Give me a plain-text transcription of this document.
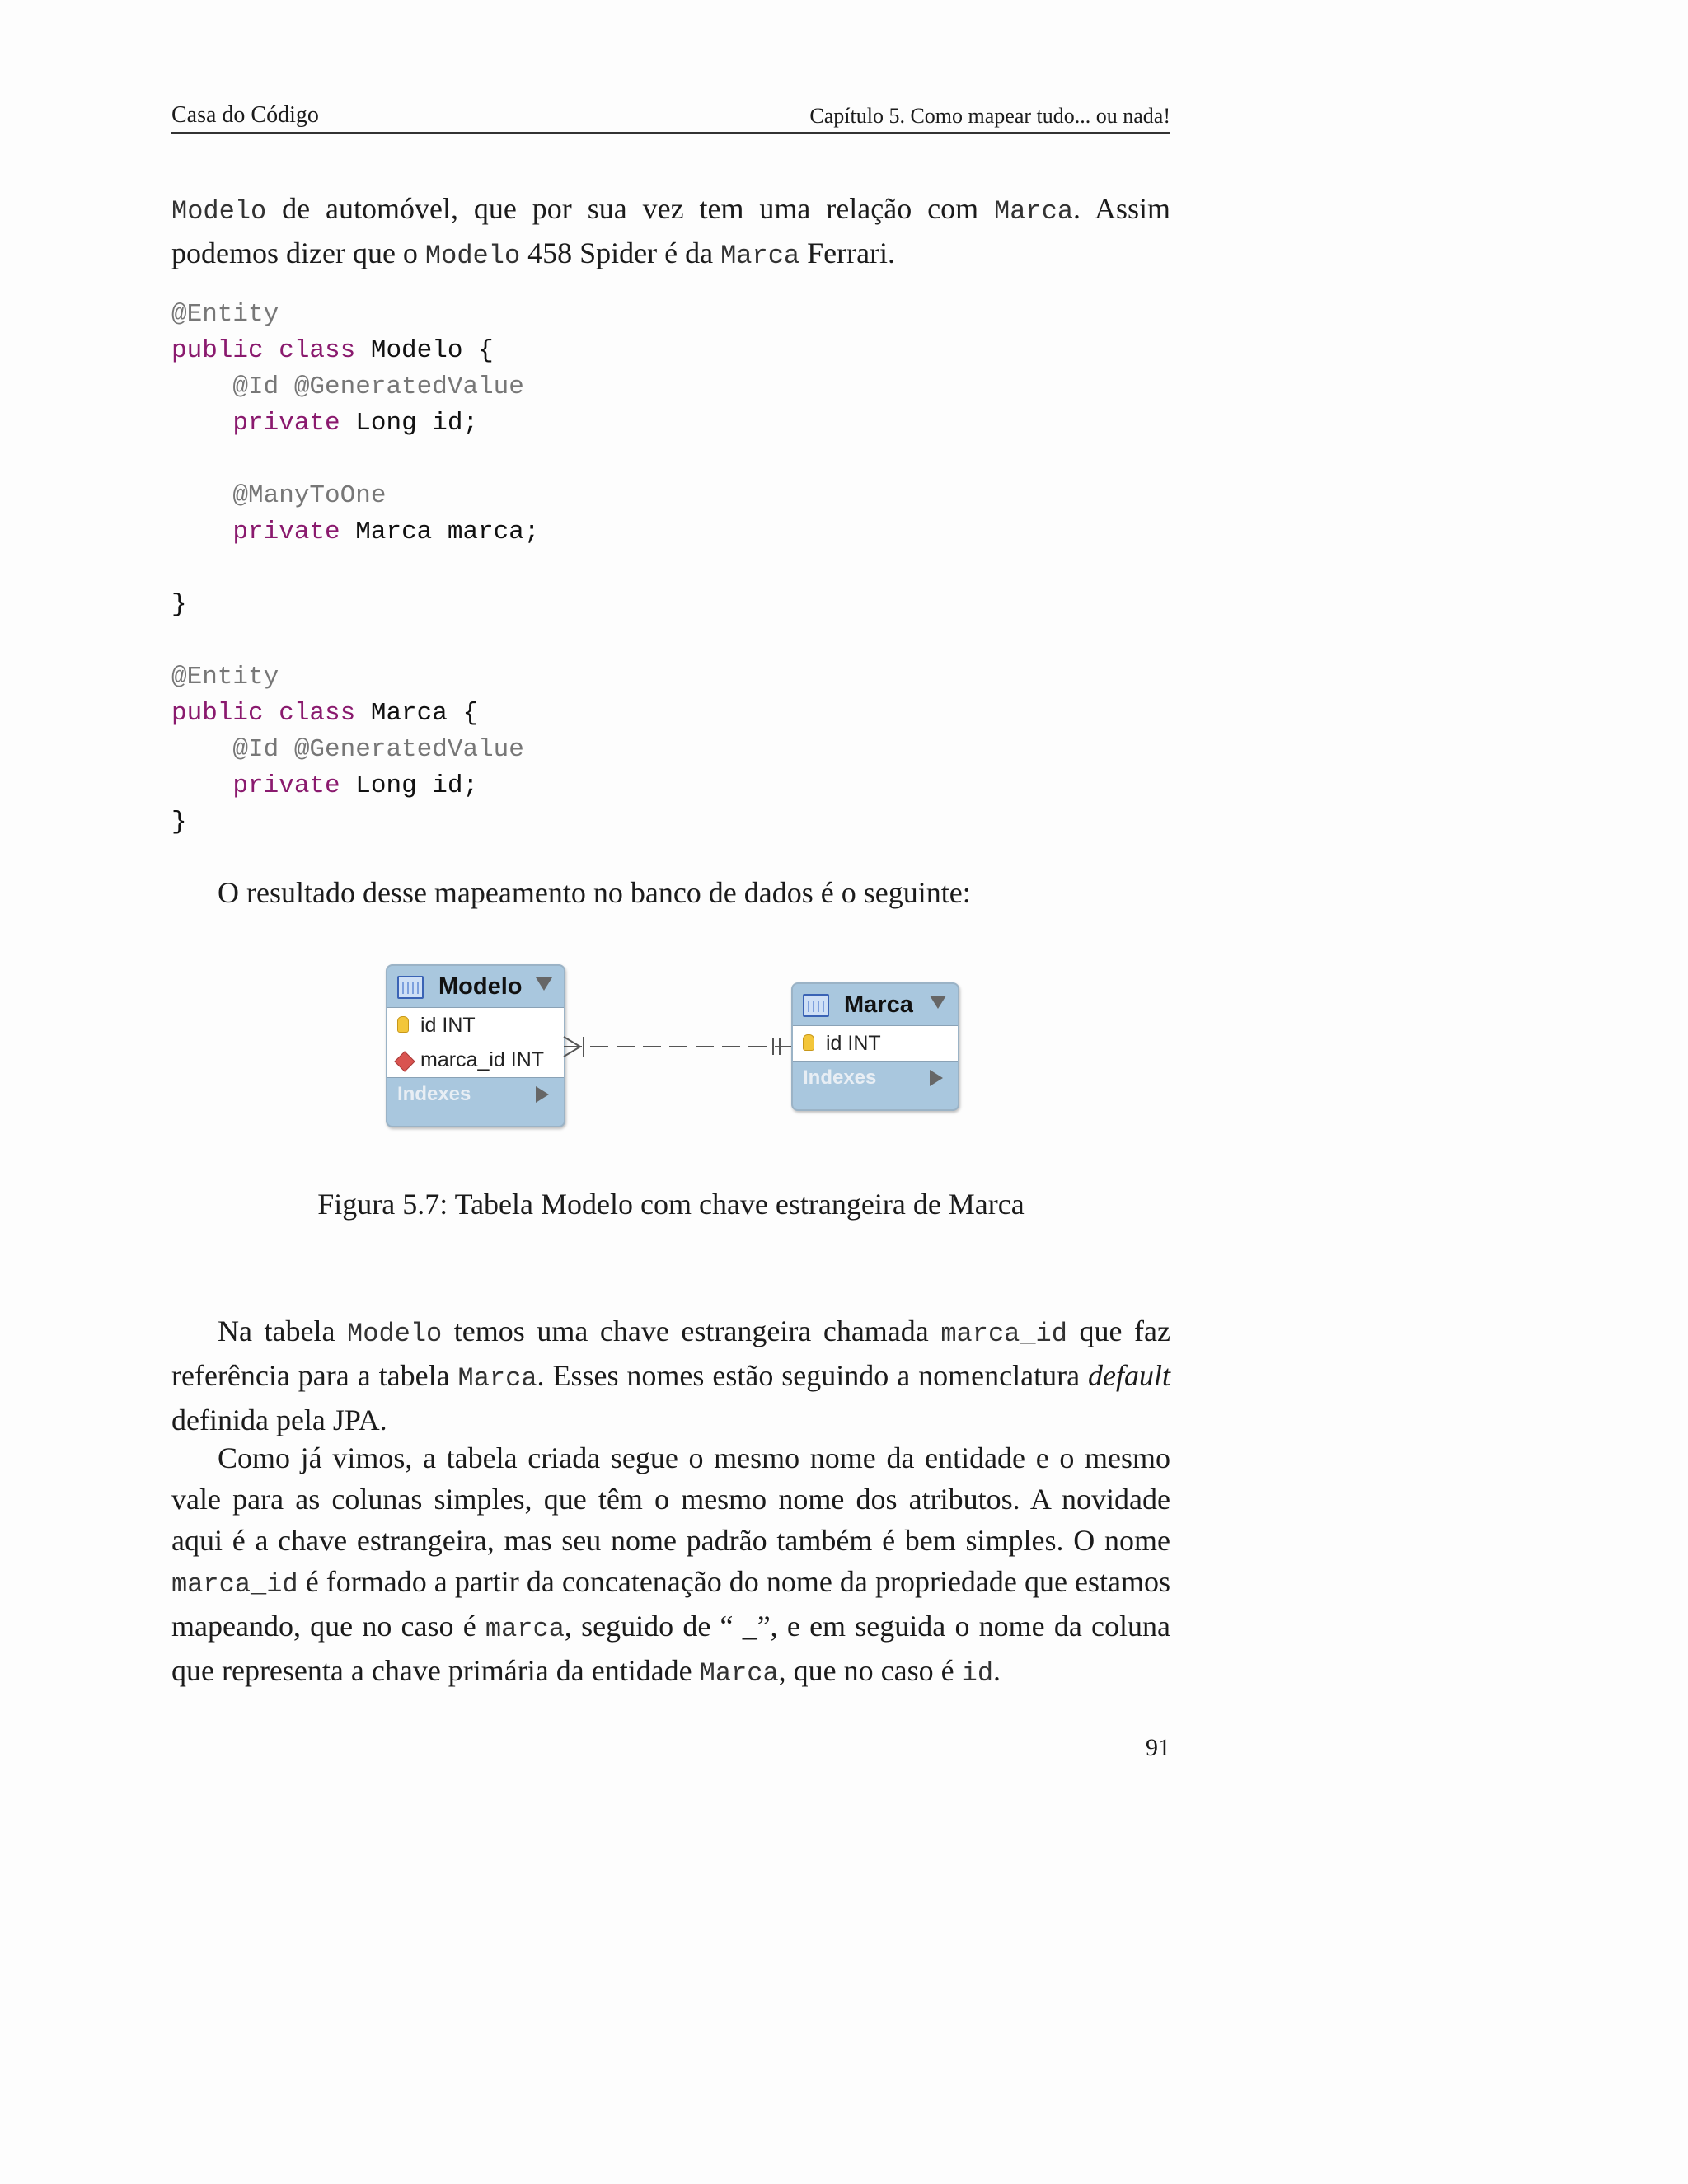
Casa do Código	Capítulo 5. Como mapear tudo... ou nada!

Modelo de automóvel, que por sua vez tem uma relação com Marca. Assim podemos dizer que o Modelo 458 Spider é da Marca Ferrari.

@Entity
public class Modelo {
@Id @GeneratedValue
private Long id;

@ManyToOne
private Marca marca;

}

@Entity
public class Marca {
@Id @GeneratedValue
private Long id;
}

O resultado desse mapeamento no banco de dados é o seguinte:

Modelo
id INT
marca_id INT
Indexes
Marca
id INT
Indexes
Figura 5.7: Tabela Modelo com chave estrangeira de Marca

Na tabela Modelo temos uma chave estrangeira chamada marca_id que faz referência para a tabela Marca. Esses nomes estão seguindo a nomenclatura default definida pela JPA.

Como já vimos, a tabela criada segue o mesmo nome da entidade e o mesmo vale para as colunas simples, que têm o mesmo nome dos atributos. A novidade aqui é a chave estrangeira, mas seu nome padrão também é bem simples. O nome marca_id é formado a partir da concatenação do nome da propriedade que estamos mapeando, que no caso é marca, seguido de “ _”, e em seguida o nome da coluna que representa a chave primária da entidade Marca, que no caso é id.

91
